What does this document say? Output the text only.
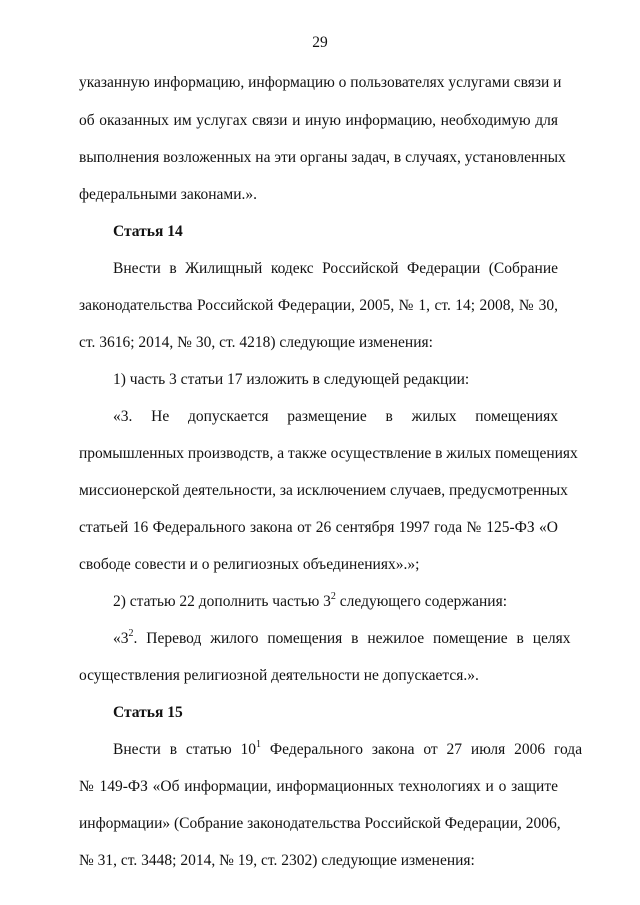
29
указанную информацию, информацию о пользователях услугами связи и
об оказанных им услугах связи и иную информацию, необходимую для
выполнения возложенных на эти органы задач, в случаях, установленных
федеральными законами.».
Статья 14
Внести в Жилищный кодекс Российской Федерации (Собрание
законодательства Российской Федерации, 2005, № 1, ст. 14; 2008, № 30,
ст. 3616; 2014, № 30, ст. 4218) следующие изменения:
1) часть 3 статьи 17 изложить в следующей редакции:
«3. Не допускается размещение в жилых помещениях
промышленных производств, а также осуществление в жилых помещениях
миссионерской деятельности, за исключением случаев, предусмотренных
статьей 16 Федерального закона от 26 сентября 1997 года № 125-ФЗ «О
свободе совести и о религиозных объединениях».»;
2) статью 22 дополнить частью $3^2$ следующего содержания:
«$3^2$. Перевод жилого помещения в нежилое помещение в целях
осуществления религиозной деятельности не допускается.».
Статья 15
Внести в статью $10^1$ Федерального закона от 27 июля 2006 года
№ 149-ФЗ «Об информации, информационных технологиях и о защите
информации» (Собрание законодательства Российской Федерации, 2006,
№ 31, ст. 3448; 2014, № 19, ст. 2302) следующие изменения:
